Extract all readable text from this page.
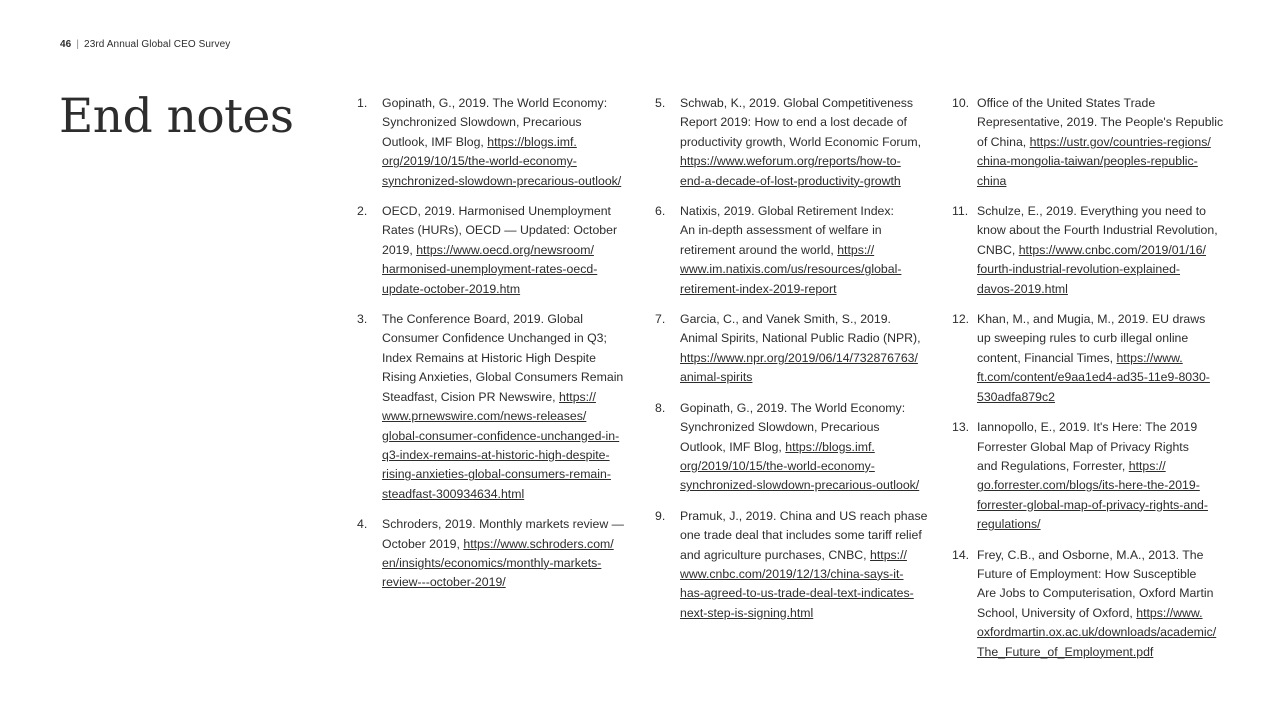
46 | 23rd Annual Global CEO Survey
End notes	1. Gopinath, G., 2019. The World Economy:
Synchronized Slowdown, Precarious
Outlook, IMF Blog, https://blogs.imf.
org/2019/10/15/the-world-economy-
synchronized-slowdown-precarious-outlook/
2. OECD, 2019. Harmonised Unemployment
Rates (HURs), OECD — Updated: October
2019, https://www.oecd.org/newsroom/
harmonised-unemployment-rates-oecd-
update-october-2019.htm
3. The Conference Board, 2019. Global
Consumer Confidence Unchanged in Q3;
Index Remains at Historic High Despite
Rising Anxieties, Global Consumers Remain
Steadfast, Cision PR Newswire, https://
www.prnewswire.com/news-releases/
global-consumer-confidence-unchanged-in-
q3-index-remains-at-historic-high-despite-
rising-anxieties-global-consumers-remain-
steadfast-300934634.html
4. Schroders, 2019. Monthly markets review —
October 2019, https://www.schroders.com/
en/insights/economics/monthly-markets-
review---october-2019/
5. Schwab, K., 2019. Global Competitiveness
Report 2019: How to end a lost decade of
productivity growth, World Economic Forum,
https://www.weforum.org/reports/how-to-
end-a-decade-of-lost-productivity-growth
6. Natixis, 2019. Global Retirement Index:
An in-depth assessment of welfare in
retirement around the world, https://
www.im.natixis.com/us/resources/global-
retirement-index-2019-report
7. Garcia, C., and Vanek Smith, S., 2019.
Animal Spirits, National Public Radio (NPR),
https://www.npr.org/2019/06/14/732876763/
animal-spirits
8. Gopinath, G., 2019. The World Economy:
Synchronized Slowdown, Precarious
Outlook, IMF Blog, https://blogs.imf.
org/2019/10/15/the-world-economy-
synchronized-slowdown-precarious-outlook/
9. Pramuk, J., 2019. China and US reach phase
one trade deal that includes some tariff relief
and agriculture purchases, CNBC, https://
www.cnbc.com/2019/12/13/china-says-it-
has-agreed-to-us-trade-deal-text-indicates-
next-step-is-signing.html
10. Office of the United States Trade
Representative, 2019. The People's Republic
of China, https://ustr.gov/countries-regions/
china-mongolia-taiwan/peoples-republic-
china
11. Schulze, E., 2019. Everything you need to
know about the Fourth Industrial Revolution,
CNBC, https://www.cnbc.com/2019/01/16/
fourth-industrial-revolution-explained-
davos-2019.html
12. Khan, M., and Mugia, M., 2019. EU draws
up sweeping rules to curb illegal online
content, Financial Times, https://www.
ft.com/content/e9aa1ed4-ad35-11e9-8030-
530adfa879c2
13. Iannopollo, E., 2019. It's Here: The 2019
Forrester Global Map of Privacy Rights
and Regulations, Forrester, https://
go.forrester.com/blogs/its-here-the-2019-
forrester-global-map-of-privacy-rights-and-
regulations/
14. Frey, C.B., and Osborne, M.A., 2013. The
Future of Employment: How Susceptible
Are Jobs to Computerisation, Oxford Martin
School, University of Oxford, https://www.
oxfordmartin.ox.ac.uk/downloads/academic/
The_Future_of_Employment.pdf
